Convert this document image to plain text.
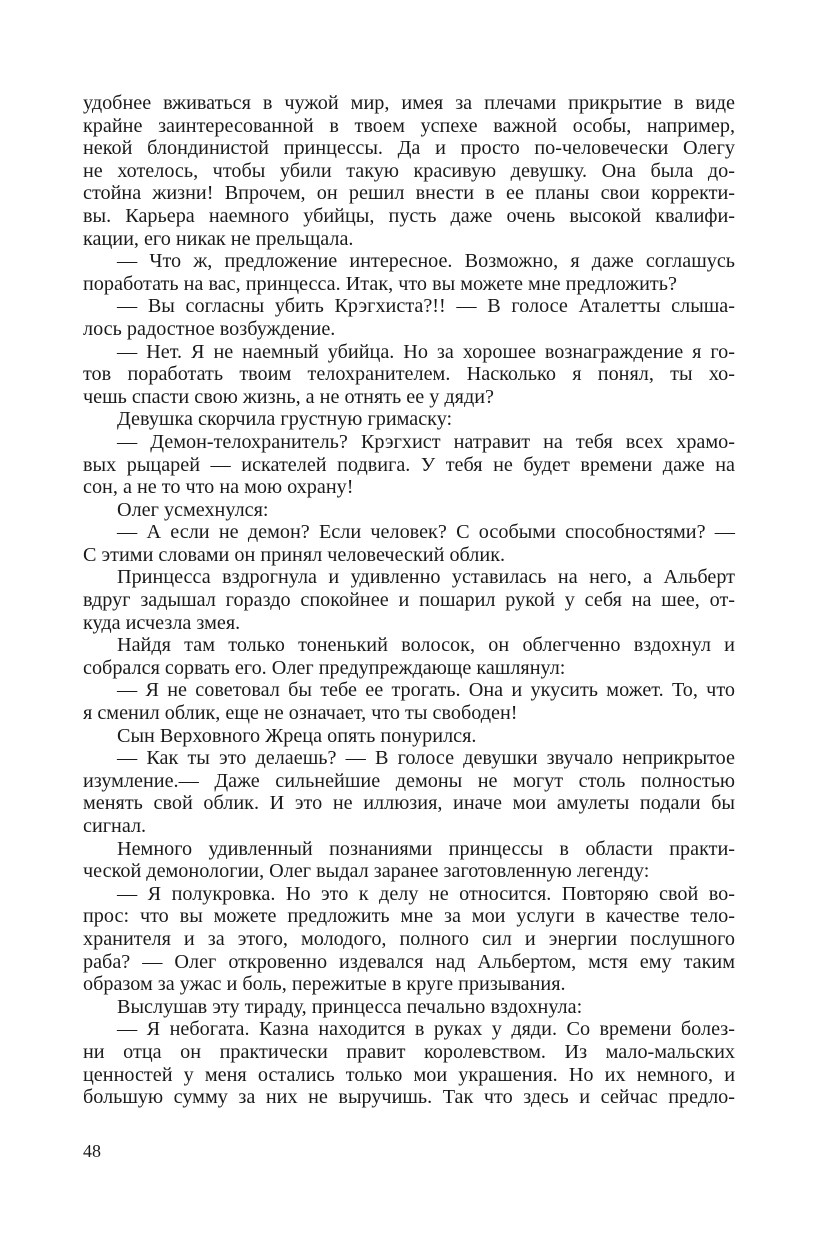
удобнее вживаться в чужой мир, имея за плечами прикрытие в виде
крайне заинтересованной в твоем успехе важной особы, например,
некой блондинистой принцессы. Да и просто по-человечески Олегу
не хотелось, чтобы убили такую красивую девушку. Она была до-
стойна жизни! Впрочем, он решил внести в ее планы свои корректи-
вы. Карьера наемного убийцы, пусть даже очень высокой квалифи-
кации, его никак не прельщала.
— Что ж, предложение интересное. Возможно, я даже соглашусь
поработать на вас, принцесса. Итак, что вы можете мне предложить?
— Вы согласны убить Крэгхиста?!! — В голосе Аталетты слыша-
лось радостное возбуждение.
— Нет. Я не наемный убийца. Но за хорошее вознаграждение я го-
тов поработать твоим телохранителем. Насколько я понял, ты хо-
чешь спасти свою жизнь, а не отнять ее у дяди?
Девушка скорчила грустную гримаску:
— Демон-телохранитель? Крэгхист натравит на тебя всех храмо-
вых рыцарей — искателей подвига. У тебя не будет времени даже на
сон, а не то что на мою охрану!
Олег усмехнулся:
— А если не демон? Если человек? С особыми способностями? —
С этими словами он принял человеческий облик.
Принцесса вздрогнула и удивленно уставилась на него, а Альберт
вдруг задышал гораздо спокойнее и пошарил рукой у себя на шее, от-
куда исчезла змея.
Найдя там только тоненький волосок, он облегченно вздохнул и
собрался сорвать его. Олег предупреждающе кашлянул:
— Я не советовал бы тебе ее трогать. Она и укусить может. То, что
я сменил облик, еще не означает, что ты свободен!
Сын Верховного Жреца опять понурился.
— Как ты это делаешь? — В голосе девушки звучало неприкрытое
изумление.— Даже сильнейшие демоны не могут столь полностью
менять свой облик. И это не иллюзия, иначе мои амулеты подали бы
сигнал.
Немного удивленный познаниями принцессы в области практи-
ческой демонологии, Олег выдал заранее заготовленную легенду:
— Я полукровка. Но это к делу не относится. Повторяю свой во-
прос: что вы можете предложить мне за мои услуги в качестве тело-
хранителя и за этого, молодого, полного сил и энергии послушного
раба? — Олег откровенно издевался над Альбертом, мстя ему таким
образом за ужас и боль, пережитые в круге призывания.
Выслушав эту тираду, принцесса печально вздохнула:
— Я небогата. Казна находится в руках у дяди. Со времени болез-
ни отца он практически правит королевством. Из мало-мальских
ценностей у меня остались только мои украшения. Но их немного, и
большую сумму за них не выручишь. Так что здесь и сейчас предло-
48
